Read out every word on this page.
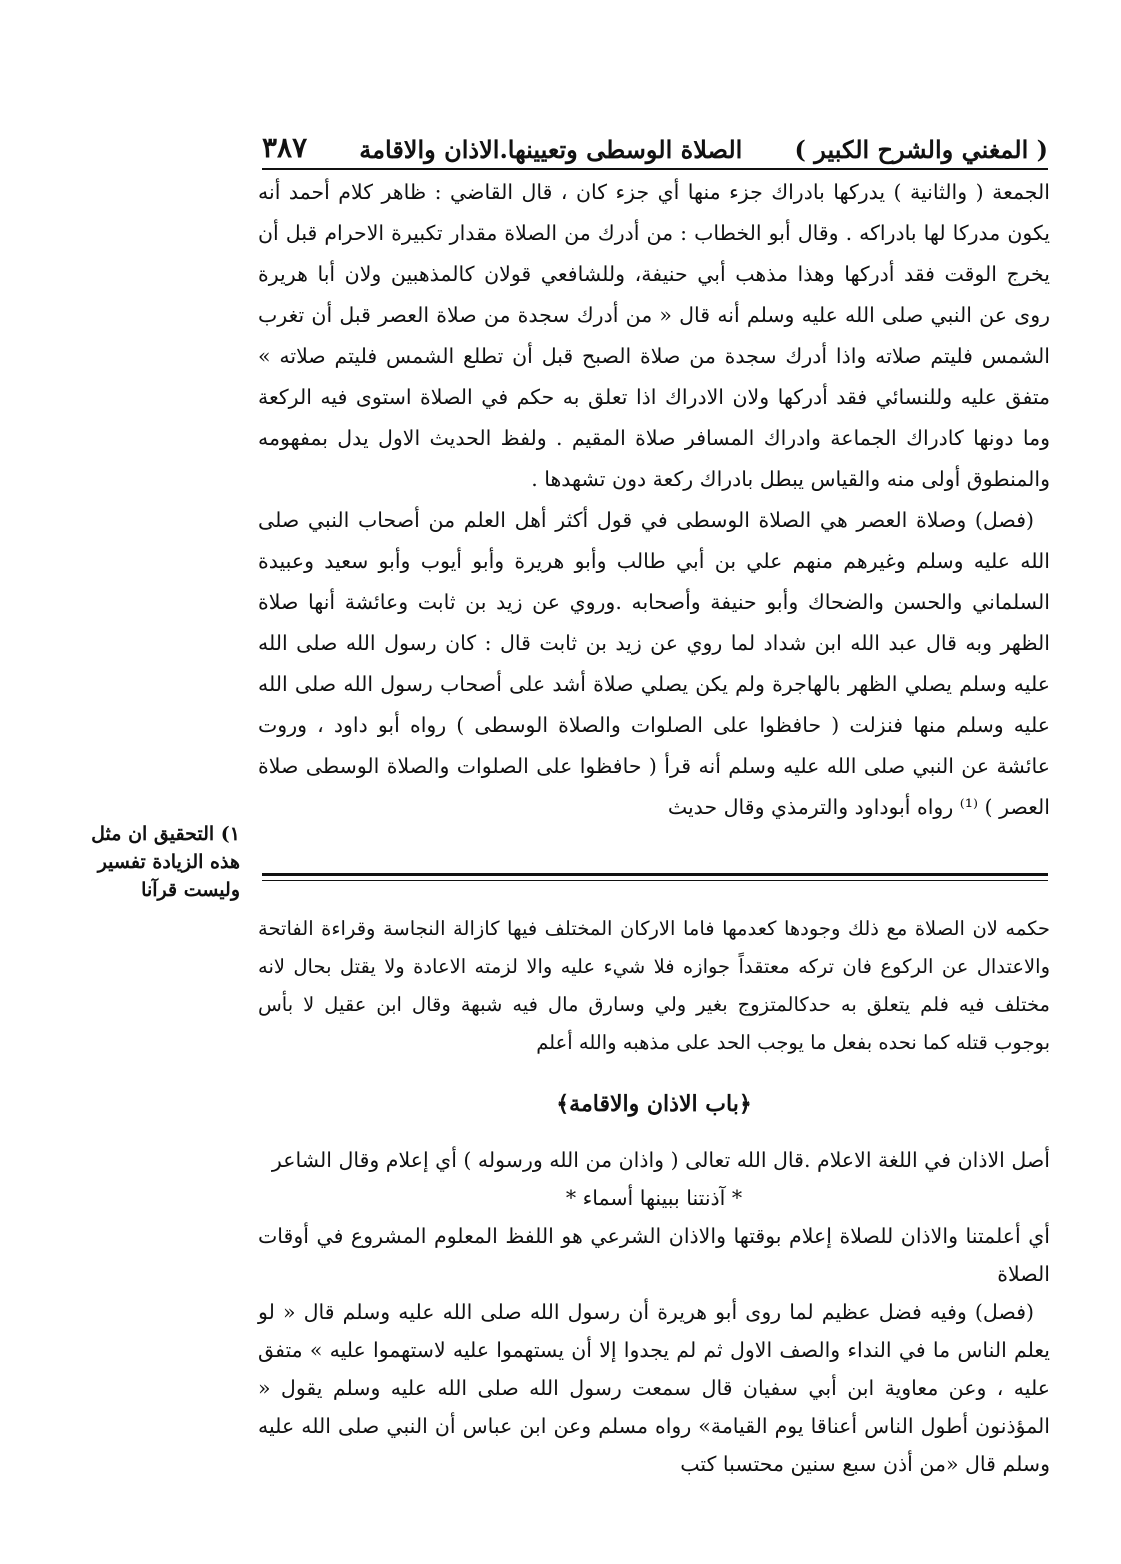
( المغني والشرح الكبير )
الصلاة الوسطى وتعيينها.الاذان والاقامة
٣٨٧

الجمعة ( والثانية ) يدركها بادراك جزء منها أي جزء كان ، قال القاضي : ظاهر كلام أحمد أنه يكون مدركا لها بادراكه . وقال أبو الخطاب : من أدرك من الصلاة مقدار تكبيرة الاحرام قبل أن يخرج الوقت فقد أدركها وهذا مذهب أبي حنيفة، وللشافعي قولان كالمذهبين ولان أبا هريرة روى عن النبي صلى الله عليه وسلم أنه قال « من أدرك سجدة من صلاة العصر قبل أن تغرب الشمس فليتم صلاته واذا أدرك سجدة من صلاة الصبح قبل أن تطلع الشمس فليتم صلاته » متفق عليه وللنسائي فقد أدركها ولان الادراك اذا تعلق به حكم في الصلاة استوى فيه الركعة وما دونها كادراك الجماعة وادراك المسافر صلاة المقيم . ولفظ الحديث الاول يدل بمفهومه والمنطوق أولى منه والقياس يبطل بادراك ركعة دون تشهدها .

(فصل) وصلاة العصر هي الصلاة الوسطى في قول أكثر أهل العلم من أصحاب النبي صلى الله عليه وسلم وغيرهم منهم علي بن أبي طالب وأبو هريرة وأبو أيوب وأبو سعيد وعبيدة السلماني والحسن والضحاك وأبو حنيفة وأصحابه .وروي عن زيد بن ثابت وعائشة أنها صلاة الظهر وبه قال عبد الله ابن شداد لما روي عن زيد بن ثابت قال : كان رسول الله صلى الله عليه وسلم يصلي الظهر بالهاجرة ولم يكن يصلي صلاة أشد على أصحاب رسول الله صلى الله عليه وسلم منها فنزلت ( حافظوا على الصلوات والصلاة الوسطى ) رواه أبو داود ، وروت عائشة عن النبي صلى الله عليه وسلم أنه قرأ ( حافظوا على الصلوات والصلاة الوسطى صلاة العصر ) ⁽¹⁾ رواه أبوداود والترمذي وقال حديث

١) التحقيق ان مثل هذه الزيادة تفسير وليست قرآنا

حكمه لان الصلاة مع ذلك وجودها كعدمها فاما الاركان المختلف فيها كازالة النجاسة وقراءة الفاتحة والاعتدال عن الركوع فان تركه معتقداً جوازه فلا شيء عليه والا لزمته الاعادة ولا يقتل بحال لانه مختلف فيه فلم يتعلق به حدكالمتزوج بغير ولي وسارق مال فيه شبهة وقال ابن عقيل لا بأس بوجوب قتله كما نحده بفعل ما يوجب الحد على مذهبه والله أعلم

﴿باب الاذان والاقامة﴾

أصل الاذان في اللغة الاعلام .قال الله تعالى ( واذان من الله ورسوله ) أي إعلام وقال الشاعر

* آذنتنا ببينها أسماء *

أي أعلمتنا والاذان للصلاة إعلام بوقتها والاذان الشرعي هو اللفظ المعلوم المشروع في أوقات الصلاة

(فصل) وفيه فضل عظيم لما روى أبو هريرة أن رسول الله صلى الله عليه وسلم قال « لو يعلم الناس ما في النداء والصف الاول ثم لم يجدوا إلا أن يستهموا عليه لاستهموا عليه » متفق عليه ، وعن معاوية ابن أبي سفيان قال سمعت رسول الله صلى الله عليه وسلم يقول « المؤذنون أطول الناس أعناقا يوم القيامة» رواه مسلم وعن ابن عباس أن النبي صلى الله عليه وسلم قال «من أذن سبع سنين محتسبا كتب
